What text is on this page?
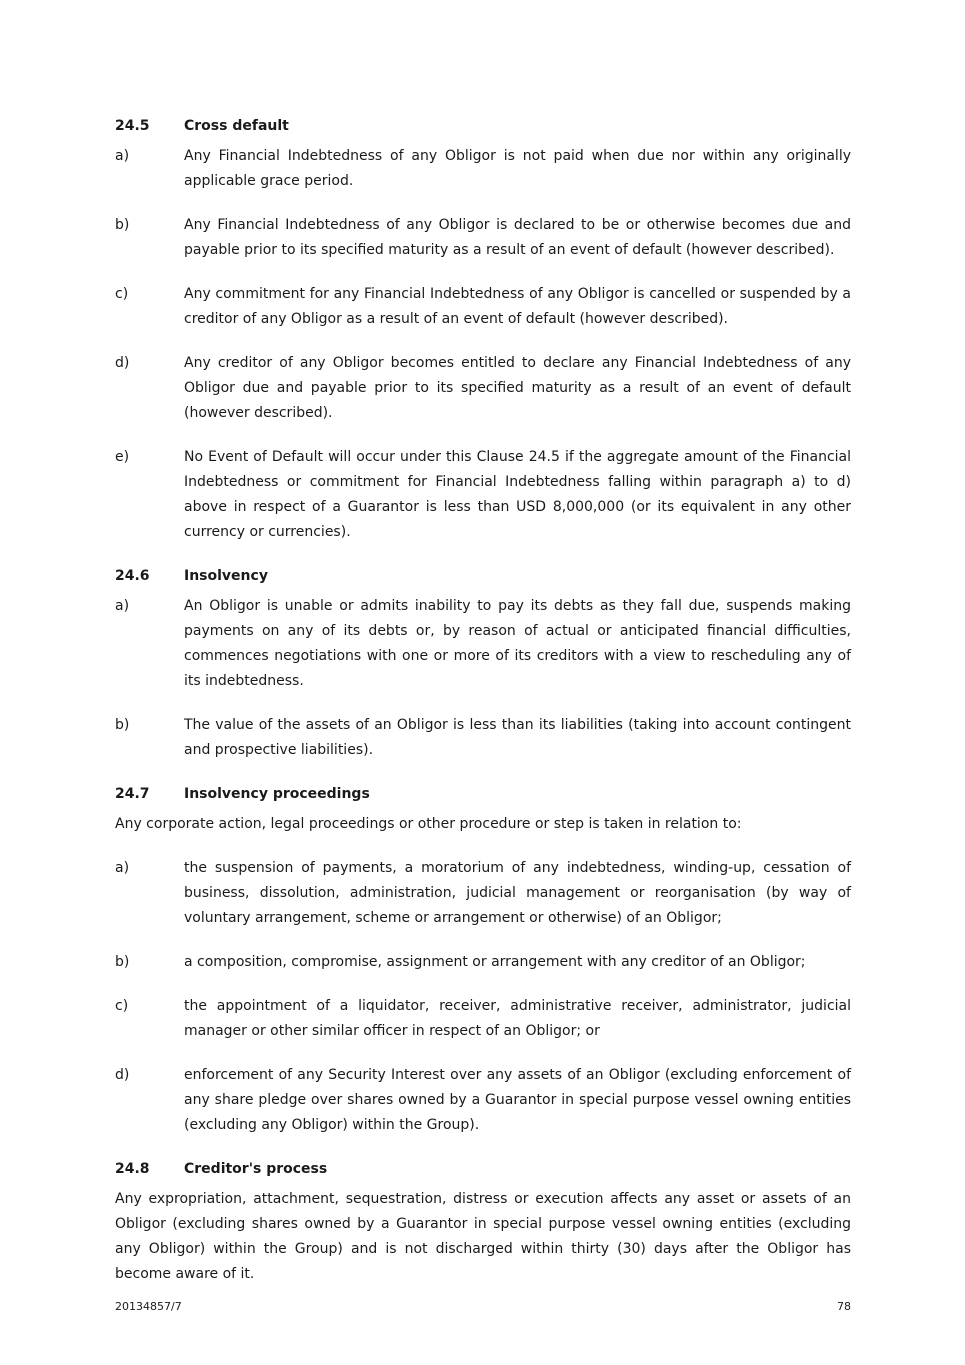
24.5	Cross default
a)	Any Financial Indebtedness of any Obligor is not paid when due nor within any originally applicable grace period.
b)	Any Financial Indebtedness of any Obligor is declared to be or otherwise becomes due and payable prior to its specified maturity as a result of an event of default (however described).
c)	Any commitment for any Financial Indebtedness of any Obligor is cancelled or suspended by a creditor of any Obligor as a result of an event of default (however described).
d)	Any creditor of any Obligor becomes entitled to declare any Financial Indebtedness of any Obligor due and payable prior to its specified maturity as a result of an event of default (however described).
e)	No Event of Default will occur under this Clause 24.5 if the aggregate amount of the Financial Indebtedness or commitment for Financial Indebtedness falling within paragraph a) to d) above in respect of a Guarantor is less than USD 8,000,000 (or its equivalent in any other currency or currencies).
24.6	Insolvency
a)	An Obligor is unable or admits inability to pay its debts as they fall due, suspends making payments on any of its debts or, by reason of actual or anticipated financial difficulties, commences negotiations with one or more of its creditors with a view to rescheduling any of its indebtedness.
b)	The value of the assets of an Obligor is less than its liabilities (taking into account contingent and prospective liabilities).
24.7	Insolvency proceedings

Any corporate action, legal proceedings or other procedure or step is taken in relation to:

a)	the suspension of payments, a moratorium of any indebtedness, winding-up, cessation of business, dissolution, administration, judicial management or reorganisation (by way of voluntary arrangement, scheme or arrangement or otherwise) of an Obligor;
b)	a composition, compromise, assignment or arrangement with any creditor of an Obligor;
c)	the appointment of a liquidator, receiver, administrative receiver, administrator, judicial manager or other similar officer in respect of an Obligor; or
d)	enforcement of any Security Interest over any assets of an Obligor (excluding enforcement of any share pledge over shares owned by a Guarantor in special purpose vessel owning entities (excluding any Obligor) within the Group).
24.8	Creditor's process

Any expropriation, attachment, sequestration, distress or execution affects any asset or assets of an Obligor (excluding shares owned by a Guarantor in special purpose vessel owning entities (excluding any Obligor) within the Group) and is not discharged within thirty (30) days after the Obligor has become aware of it.

20134857/7	78
